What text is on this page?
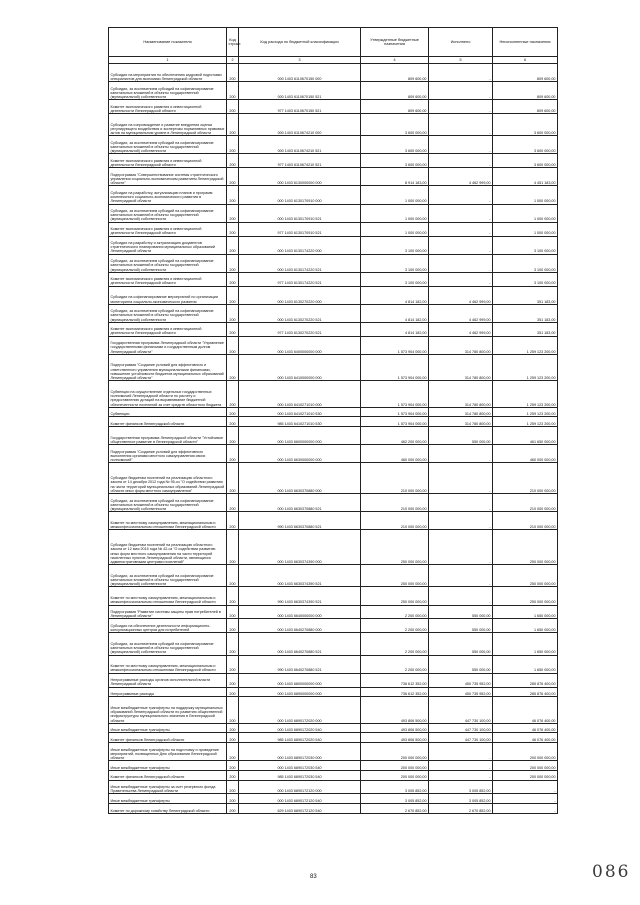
Наименование показателя	Код строки	Код расхода по бюджетной классификации	Утвержденные бюджетные назначения	Исполнено	Неисполненные назначения
1	2	3	4	5	6
Субсидии на мероприятия по обеспечению кадровой подготовки специалистов для экономики Ленинградской области	200	000 1403 6110670150 000	809 600,00	-	809 600,00
Субсидии, за исключением субсидий на софинансирование капитальных вложений в объекты государственной (муниципальной) собственности	200	000 1403 6110670150 521	809 600,00	-	809 600,00
Комитет экономического развития и инвестиционной деятельности Ленинградской области	200	977 1403 6110670150 521	809 600,00	-	809 600,00
Субсидии на сопровождение и развитие внедрения оценки регулирующего воздействия и экспертизы нормативных правовых актов на муниципальном уровне в Ленинградской области	200	000 1403 6110674210 000	3 600 000,00	-	3 600 000,00
Субсидии, за исключением субсидий на софинансирование капитальных вложений в объекты государственной (муниципальной) собственности	200	000 1403 6110674210 521	3 600 000,00	-	3 600 000,00
Комитет экономического развития и инвестиционной деятельности Ленинградской области	200	977 1403 6110674210 521	3 600 000,00	-	3 600 000,00
Подпрограмма "Совершенствование системы стратегического управления социально-экономическим развитием Ленинградской области"	200	000 1403 6130000000 000	8 914 183,00	4 462 999,00	4 451 183,00
Субсидии на разработку, актуализацию планов и программ комплексного социально-экономического развития в Ленинградской области	200	000 1403 6130170910 000	1 000 000,00	-	1 000 000,00
Субсидии, за исключением субсидий на софинансирование капитальных вложений в объекты государственной (муниципальной) собственности	200	000 1403 6130170910 521	1 000 000,00	-	1 000 000,00
Комитет экономического развития и инвестиционной деятельности Ленинградской области	200	977 1403 6130170910 521	1 000 000,00	-	1 000 000,00
Субсидии на разработку и актуализацию документов стратегического планирования муниципальных образований Ленинградской области	200	000 1403 6130174220 000	3 100 000,00	-	3 100 000,00
Субсидии, за исключением субсидий на софинансирование капитальных вложений в объекты государственной (муниципальной) собственности	200	000 1403 6130174220 521	3 100 000,00	-	3 100 000,00
Комитет экономического развития и инвестиционной деятельности Ленинградской области	200	977 1403 6130174220 521	3 100 000,00	-	3 100 000,00
Субсидии на софинансирование мероприятий по организации мониторинга социально-экономического развития	200	000 1403 6130270220 000	4 814 182,00	4 462 999,00	351 183,00
Субсидии, за исключением субсидий на софинансирование капитальных вложений в объекты государственной (муниципальной) собственности	200	000 1403 6130270220 521	4 814 182,00	4 462 999,00	351 183,00
Комитет экономического развития и инвестиционной деятельности Ленинградской области	200	977 1403 6130270220 521	4 814 182,00	4 462 999,00	351 183,00
Государственная программа Ленинградской области "Управление государственными финансами и государственным долгом Ленинградской области"	200	000 1403 6400000000 000	1 573 904 000,00	314 780 800,00	1 259 123 200,00
Подпрограмма "Создание условий для эффективного и ответственного управления муниципальными финансами, повышение устойчивости бюджетов муниципальных образований Ленинградской области"	200	000 1403 6410000000 000	1 573 904 000,00	314 780 800,00	1 259 123 200,00
Субвенции на осуществление отдельных государственных полномочий Ленинградской области по расчету и предоставлению дотаций на выравнивание бюджетной обеспеченности поселений за счет средств областного бюджета	200	000 1403 6410271010 000	1 573 904 000,00	314 780 800,00	1 259 123 200,00
Субвенции	200	000 1403 6410271010 530	1 573 904 000,00	314 780 800,00	1 259 123 200,00
Комитет финансов Ленинградской области	200	985 1403 6410271010 530	1 573 904 000,00	314 780 800,00	1 259 123 200,00
Государственная программа Ленинградской области "Устойчивое общественное развитие в Ленинградской области"	200	000 1403 6600000000 000	462 200 000,00	550 000,00	461 650 000,00
Подпрограмма "Создание условий для эффективного выполнения органами местного самоуправления своих полномочий"	200	000 1403 6630000000 000	460 000 000,00	-	460 000 000,00
Субсидии бюджетам поселений на реализацию областного закона от 14 декабря 2012 года № 95-оз "О содействии развитию на части территорий муниципальных образований Ленинградской области иных форм местного самоуправления"	200	000 1403 6630370880 000	210 000 000,00	-	210 000 000,00
Субсидии, за исключением субсидий на софинансирование капитальных вложений в объекты государственной (муниципальной) собственности	200	000 1403 6630370880 521	210 000 000,00	-	210 000 000,00
Комитет по местному самоуправлению, межнациональным и межконфессиональным отношениям Ленинградской области	200	990 1403 6630370880 521	210 000 000,00	-	210 000 000,00
Субсидии бюджетам поселений на реализацию областного закона от 12 мая 2015 года № 42-оз "О содействии развитию иных форм местного самоуправления на части территорий населенных пунктов Ленинградской области, являющихся административными центрами поселений"	200	000 1403 6630374390 000	250 000 000,00	-	250 000 000,00
Субсидии, за исключением субсидий на софинансирование капитальных вложений в объекты государственной (муниципальной) собственности	200	000 1403 6630374390 521	250 000 000,00	-	250 000 000,00
Комитет по местному самоуправлению, межнациональным и межконфессиональным отношениям Ленинградской области	200	990 1403 6630374390 521	250 000 000,00	-	250 000 000,00
Подпрограмма "Развитие системы защиты прав потребителей в Ленинградской области"	200	000 1403 6640000000 000	2 200 000,00	550 000,00	1 650 000,00
Субсидии на обеспечение деятельности информационно-консультационных центров для потребителей	200	000 1403 6640270880 000	2 200 000,00	550 000,00	1 650 000,00
Субсидии, за исключением субсидий на софинансирование капитальных вложений в объекты государственной (муниципальной) собственности	200	000 1403 6640270880 521	2 200 000,00	550 000,00	1 650 000,00
Комитет по местному самоуправлению, межнациональным и межконфессиональным отношениям Ленинградской области	200	990 1403 6640270880 521	2 200 000,00	550 000,00	1 650 000,00
Непрограммные расходы органов исполнительной власти Ленинградской области	200	000 1403 6800000000 000	736 612 352,00	450 735 952,00	285 876 400,00
Непрограммные расходы	200	000 1403 6890000000 000	736 612 352,00	450 735 952,00	285 876 400,00
Иные межбюджетные трансферты на поддержку муниципальных образований Ленинградской области по развитию общественной инфраструктуры муниципального значения в Ленинградской области	200	000 1403 6890172020 000	493 806 500,00	447 730 100,00	46 076 400,00
Иные межбюджетные трансферты	200	000 1403 6890172020 540	493 806 500,00	447 730 100,00	46 076 400,00
Комитет финансов Ленинградской области	200	985 1403 6890172020 540	493 806 500,00	447 730 100,00	46 076 400,00
Иные межбюджетные трансферты на подготовку и проведение мероприятий, посвященных Дню образования Ленинградской области	200	000 1403 6890172030 000	200 000 000,00	-	200 000 000,00
Иные межбюджетные трансферты	200	000 1403 6890172030 540	200 000 000,00	-	200 000 000,00
Комитет финансов Ленинградской области	200	985 1403 6890172030 540	200 000 000,00	-	200 000 000,00
Иные межбюджетные трансферты за счет резервного фонда Правительства Ленинградской области	200	000 1403 6890172120 000	3 005 852,00	3 005 852,00	-
Иные межбюджетные трансферты	200	000 1403 6890172120 540	3 005 852,00	3 005 852,00	-
Комитет по дорожному хозяйству Ленинградской области	200	629 1403 6890172120 540	2 670 852,00	2 670 852,00	-
83	086
